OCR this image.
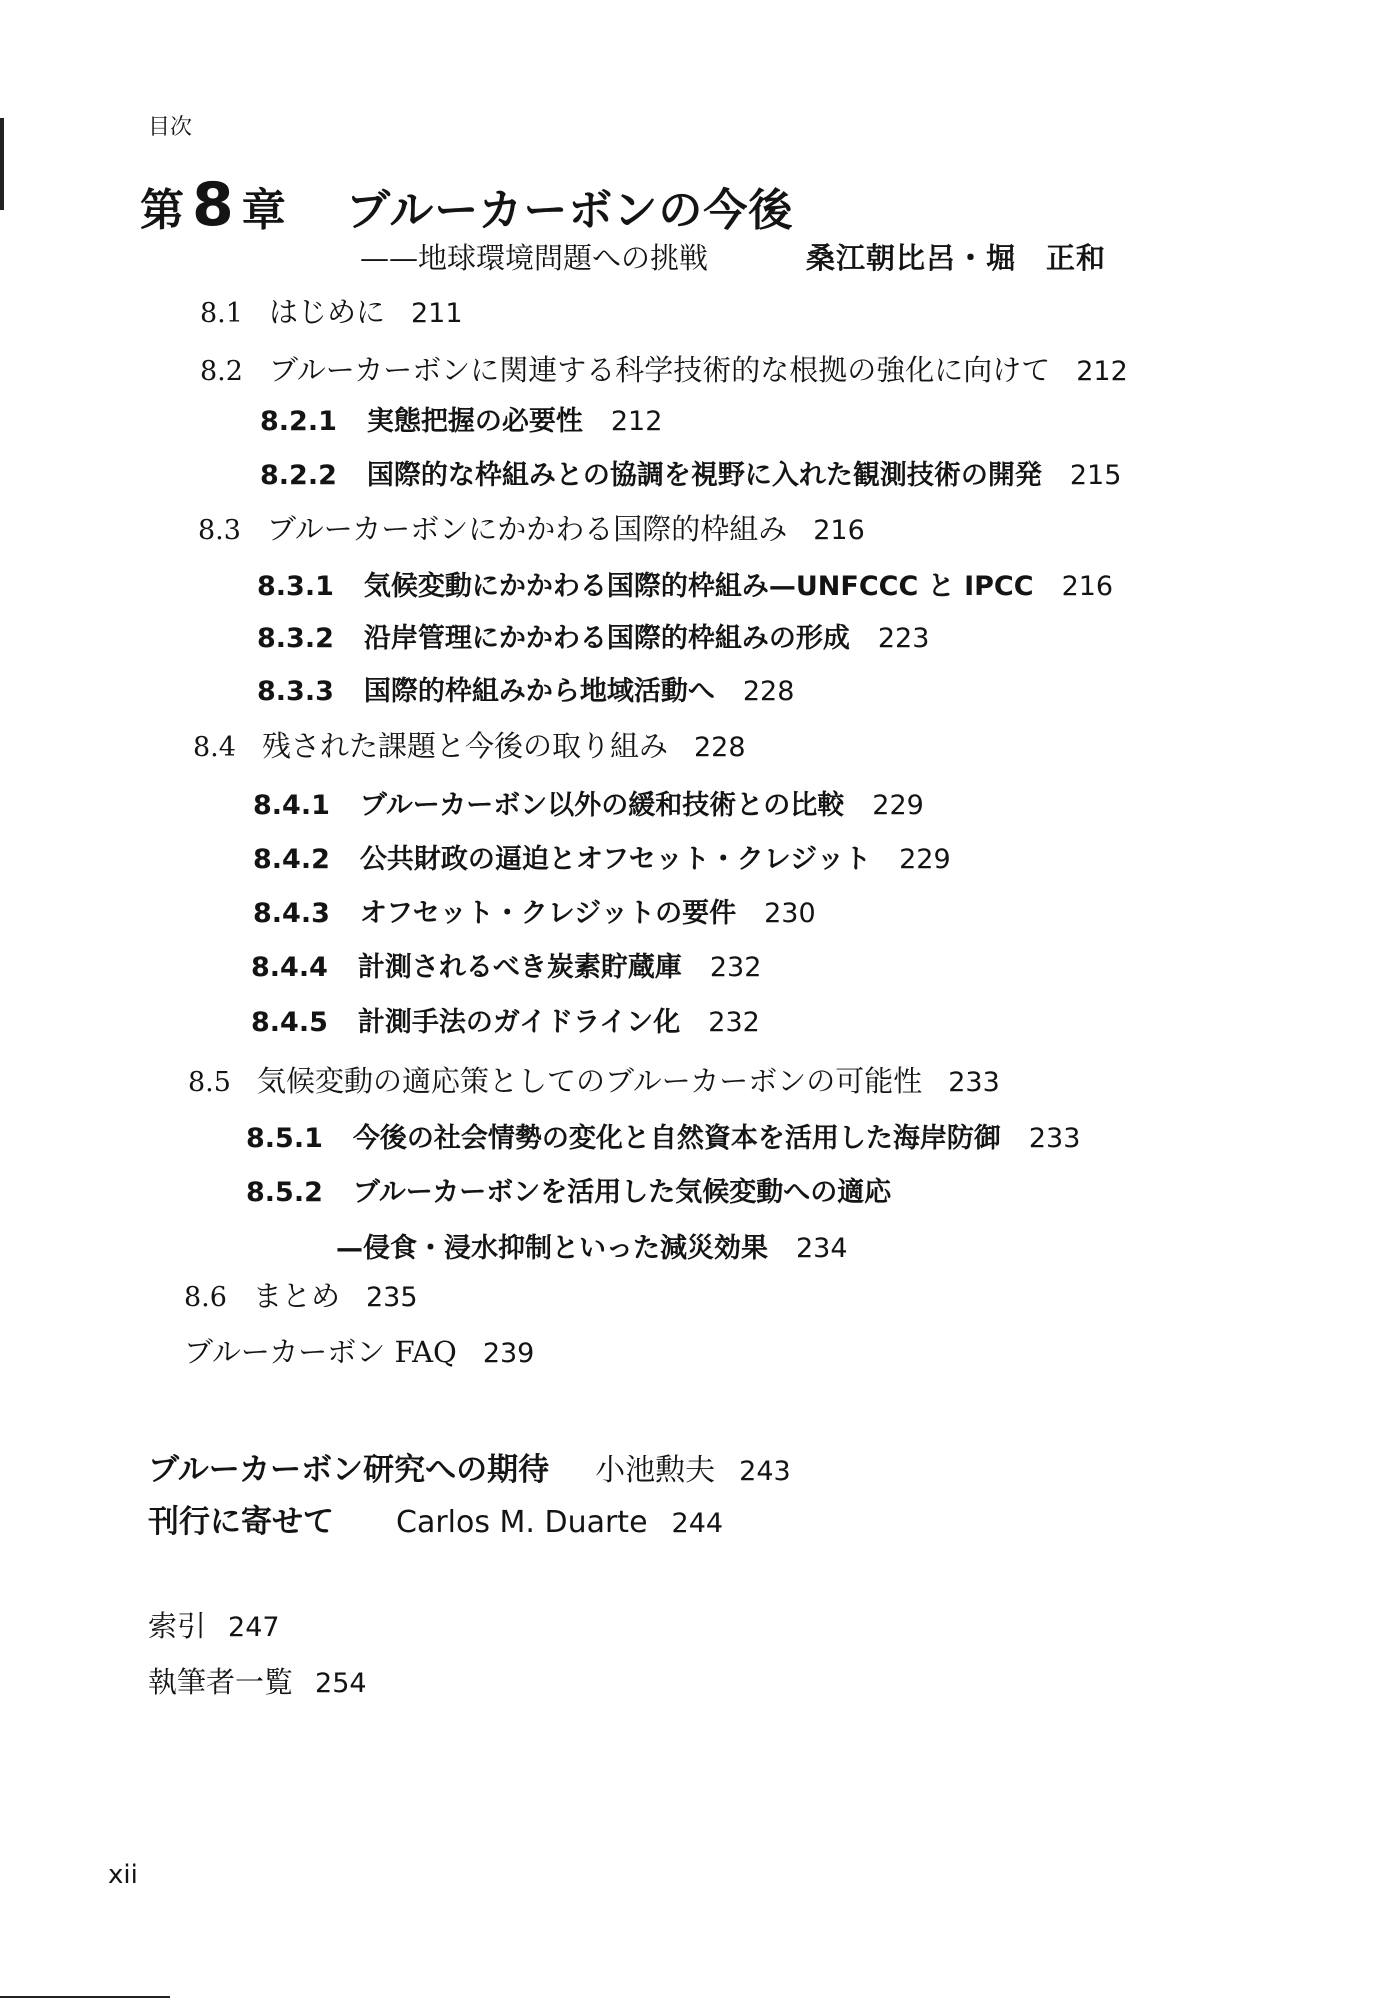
目次
第 8 章 ブルーカーボンの今後
——地球環境問題への挑戦	桑江朝比呂・堀　正和
8.1 はじめに 211
8.2 ブルーカーボンに関連する科学技術的な根拠の強化に向けて 212
8.2.1 実態把握の必要性 212
8.2.2 国際的な枠組みとの協調を視野に入れた観測技術の開発 215
8.3 ブルーカーボンにかかわる国際的枠組み 216
8.3.1 気候変動にかかわる国際的枠組み—UNFCCC と IPCC 216
8.3.2 沿岸管理にかかわる国際的枠組みの形成 223
8.3.3 国際的枠組みから地域活動へ 228
8.4 残された課題と今後の取り組み 228
8.4.1 ブルーカーボン以外の緩和技術との比較 229
8.4.2 公共財政の逼迫とオフセット・クレジット 229
8.4.3 オフセット・クレジットの要件 230
8.4.4 計測されるべき炭素貯蔵庫 232
8.4.5 計測手法のガイドライン化 232
8.5 気候変動の適応策としてのブルーカーボンの可能性 233
8.5.1 今後の社会情勢の変化と自然資本を活用した海岸防御 233
8.5.2 ブルーカーボンを活用した気候変動への適応
—侵食・浸水抑制といった減災効果 234
8.6 まとめ 235
ブルーカーボン FAQ 239
ブルーカーボン研究への期待 小池勲夫 243
刊行に寄せて Carlos M. Duarte 244
索引 247
執筆者一覧 254
xii
